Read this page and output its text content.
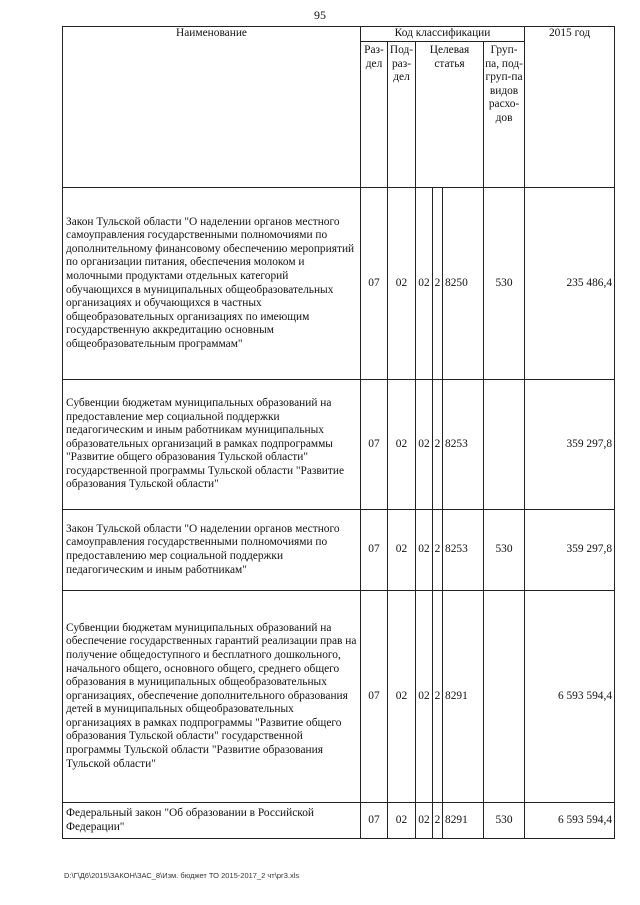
95
Наименование	Код классификации						2015 год
	Раз-дел	Под-раз-дел	Целевая статья			Груп-па, под-груп-па видов расхо-дов	
Закон Тульской области "О наделении органов местного самоуправления государственными полномочиями по дополнительному финансовому обеспечению мероприятий по организации питания, обеспечения молоком и молочными продуктами отдельных категорий обучающихся в муниципальных общеобразовательных организациях и обучающихся в частных общеобразовательных организациях по имеющим государственную аккредитацию основным общеобразовательным программам"	07	02	02	2	8250	530	235 486,4
Субвенции бюджетам муниципальных образований на предоставление мер социальной поддержки педагогическим и иным работникам муниципальных образовательных организаций в рамках подпрограммы "Развитие общего образования Тульской области" государственной программы Тульской области "Развитие образования Тульской области"	07	02	02	2	8253		359 297,8
Закон Тульской области "О наделении органов местного самоуправления государственными полномочиями по предоставлению мер социальной поддержки педагогическим и иным работникам"	07	02	02	2	8253	530	359 297,8
Субвенции бюджетам муниципальных образований на обеспечение государственных гарантий реализации прав на получение общедоступного и бесплатного дошкольного, начального общего, основного общего, среднего общего образования в муниципальных общеобразовательных организациях, обеспечение дополнительного образования детей в муниципальных общеобразовательных организациях в рамках подпрограммы "Развитие общего образования Тульской области" государственной программы Тульской области "Развитие образования Тульской области"	07	02	02	2	8291		6 593 594,4
Федеральный закон "Об образовании в Российской Федерации"	07	02	02	2	8291	530	6 593 594,4
D:\Г\Д6\2015\ЗАКОН\ЗАС_8\Изм. бюджет ТО 2015-2017_2 чт\рг3.xls
